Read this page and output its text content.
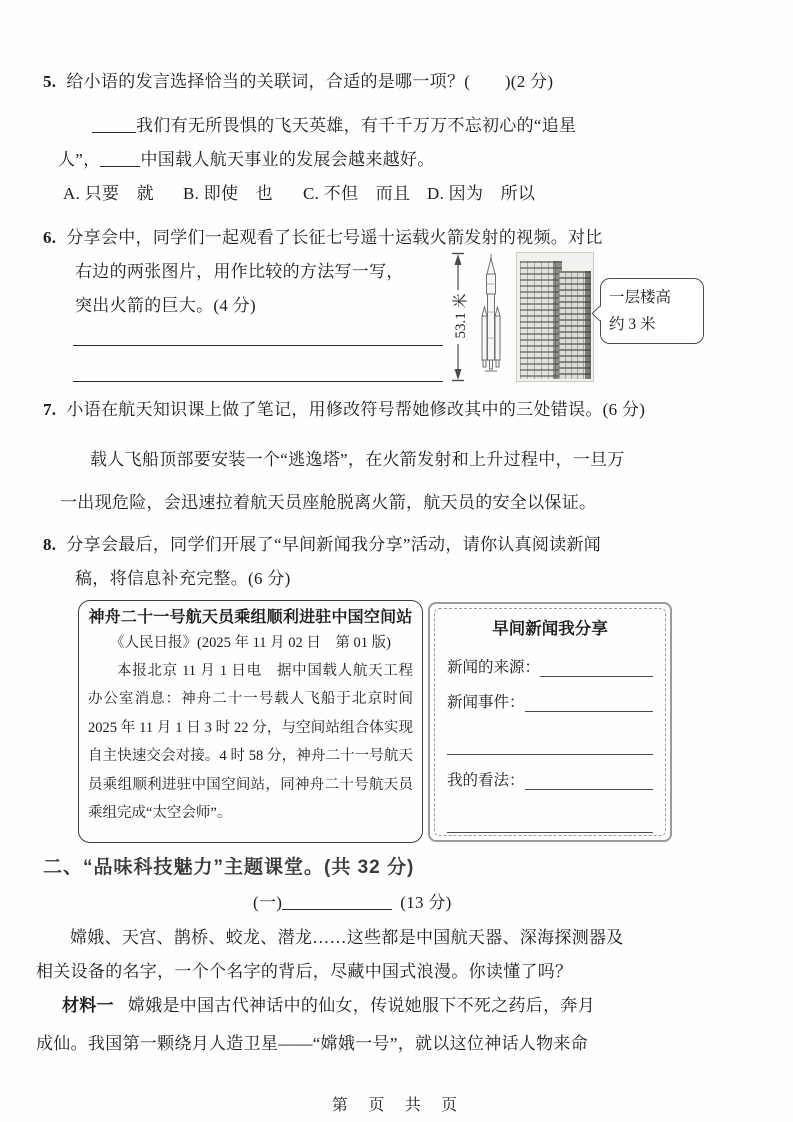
5. 给小语的发言选择恰当的关联词，合适的是哪一项？(　　)(2 分)
我们有无所畏惧的飞天英雄，有千千万万不忘初心的“追星
人”， 中国载人航天事业的发展会越来越好。
A. 只要　就 B. 即使　也 C. 不但　而且 D. 因为　所以
6. 分享会中，同学们一起观看了长征七号遥十运载火箭发射的视频。对比
右边的两张图片，用作比较的方法写一写，
突出火箭的巨大。(4 分)	53.1 米	一层楼高
约 3 米
7. 小语在航天知识课上做了笔记，用修改符号帮她修改其中的三处错误。(6 分)
载人飞船顶部要安装一个“逃逸塔”，在火箭发射和上升过程中，一旦万
一出现危险，会迅速拉着航天员座舱脱离火箭，航天员的安全以保证。
8. 分享会最后，同学们开展了“早间新闻我分享”活动，请你认真阅读新闻
稿，将信息补充完整。(6 分)
神舟二十一号航天员乘组顺利进驻中国空间站
《人民日报》(2025 年 11 月 02 日　第 01 版)
本报北京 11 月 1 日电　据中国载人航天工程办公室消息：神舟二十一号载人飞船于北京时间 2025 年 11 月 1 日 3 时 22 分，与空间站组合体实现自主快速交会对接。4 时 58 分，神舟二十一号航天员乘组顺利进驻中国空间站，同神舟二十号航天员乘组完成“太空会师”。
早间新闻我分享
新闻的来源：
新闻事件：
我的看法：
二、“品味科技魅力”主题课堂。(共 32 分)
(一)	(13 分)
嫦娥、天宫、鹊桥、蛟龙、潜龙……这些都是中国航天器、深海探测器及
相关设备的名字，一个个名字的背后，尽藏中国式浪漫。你读懂了吗？
材料一 嫦娥是中国古代神话中的仙女，传说她服下不死之药后，奔月
成仙。我国第一颗绕月人造卫星——“嫦娥一号”，就以这位神话人物来命
第 页 共 页
